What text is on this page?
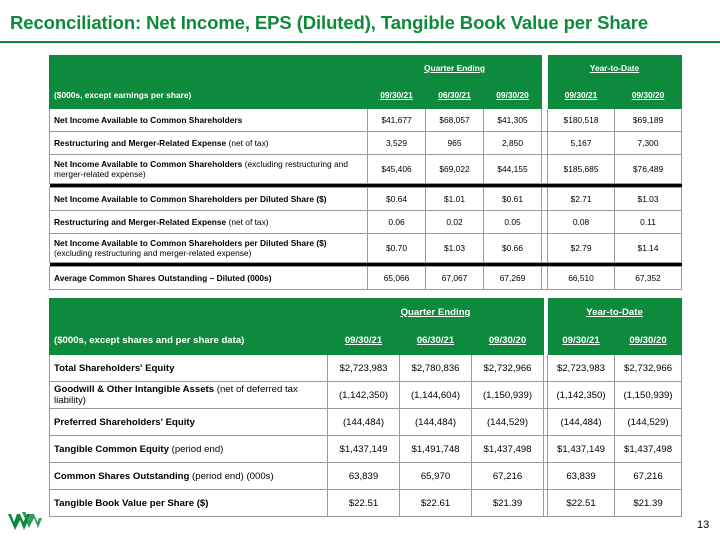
Reconciliation: Net Income, EPS (Diluted), Tangible Book Value per Share
	Quarter Ending				Year-to-Date	
($000s, except earnings per share)	09/30/21	06/30/21	09/30/20		09/30/21	09/30/20
Net Income Available to Common Shareholders	$41,677	$68,057	$41,305		$180,518	$69,189
Restructuring and Merger-Related Expense (net of tax)	3,529	965	2,850		5,167	7,300
Net Income Available to Common Shareholders (excluding restructuring and merger-related expense)	$45,406	$69,022	$44,155		$185,685	$76,489

Net Income Available to Common Shareholders per Diluted Share ($)	$0.64	$1.01	$0.61		$2.71	$1.03
Restructuring and Merger-Related Expense (net of tax)	0.06	0.02	0.05		0.08	0.11
Net Income Available to Common Shareholders per Diluted Share ($) (excluding restructuring and merger-related expense)	$0.70	$1.03	$0.66		$2.79	$1.14

Average Common Shares Outstanding – Diluted (000s)	65,066	67,067	67,269		66,510	67,352
	Quarter Ending				Year-to-Date	
($000s, except shares and per share data)	09/30/21	06/30/21	09/30/20		09/30/21	09/30/20
Total Shareholders' Equity	$2,723,983	$2,780,836	$2,732,966		$2,723,983	$2,732,966
Goodwill & Other Intangible Assets (net of deferred tax liability)	(1,142,350)	(1,144,604)	(1,150,939)		(1,142,350)	(1,150,939)
Preferred Shareholders' Equity	(144,484)	(144,484)	(144,529)		(144,484)	(144,529)
Tangible Common Equity (period end)	$1,437,149	$1,491,748	$1,437,498		$1,437,149	$1,437,498
Common Shares Outstanding (period end) (000s)	63,839	65,970	67,216		63,839	67,216
Tangible Book Value per Share ($)	$22.51	$22.61	$21.39		$22.51	$21.39
13
